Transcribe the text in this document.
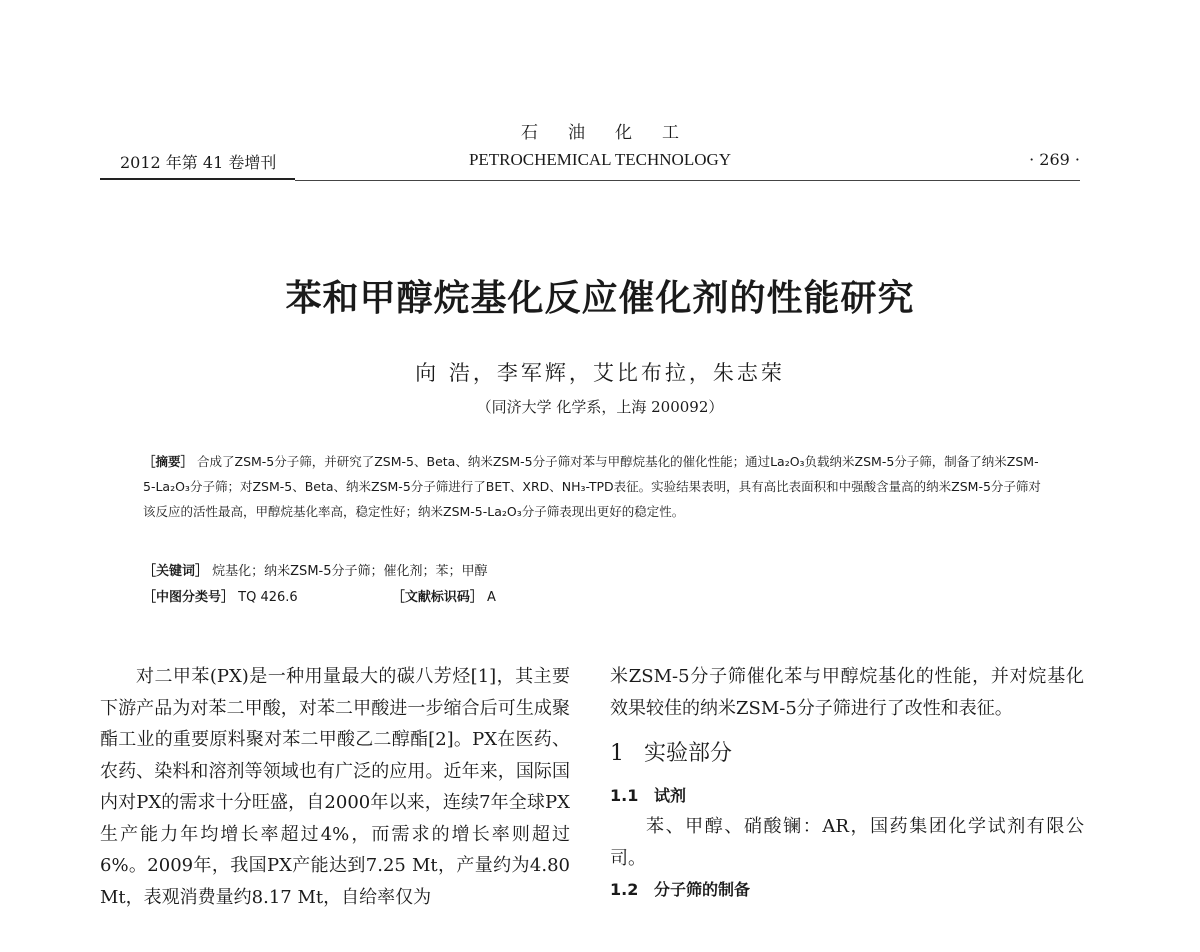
石油化工
2012 年第 41 卷增刊	PETROCHEMICAL TECHNOLOGY	· 269 ·
苯和甲醇烷基化反应催化剂的性能研究
向 浩，李军辉，艾比布拉，朱志荣
（同济大学 化学系，上海 200092）

［摘要］ 合成了ZSM-5分子筛，并研究了ZSM-5、Beta、纳米ZSM-5分子筛对苯与甲醇烷基化的催化性能；通过La₂O₃负载纳米ZSM-5分子筛，制备了纳米ZSM-5-La₂O₃分子筛；对ZSM-5、Beta、纳米ZSM-5分子筛进行了BET、XRD、NH₃-TPD表征。实验结果表明，具有高比表面积和中强酸含量高的纳米ZSM-5分子筛对该反应的活性最高，甲醇烷基化率高，稳定性好；纳米ZSM-5-La₂O₃分子筛表现出更好的稳定性。

［关键词］ 烷基化；纳米ZSM-5分子筛；催化剂；苯；甲醇
［中图分类号］ TQ 426.6	［文献标识码］ A

对二甲苯(PX)是一种用量最大的碳八芳烃[1]，其主要下游产品为对苯二甲酸，对苯二甲酸进一步缩合后可生成聚酯工业的重要原料聚对苯二甲酸乙二醇酯[2]。PX在医药、农药、染料和溶剂等领域也有广泛的应用。近年来，国际国内对PX的需求十分旺盛，自2000年以来，连续7年全球PX生产能力年均增长率超过4%，而需求的增长率则超过6%。2009年，我国PX产能达到7.25 Mt，产量约为4.80 Mt，表观消费量约8.17 Mt，自给率仅为

米ZSM-5分子筛催化苯与甲醇烷基化的性能，并对烷基化效果较佳的纳米ZSM-5分子筛进行了改性和表征。

1 实验部分

1.1 试剂

苯、甲醇、硝酸镧：AR，国药集团化学试剂有限公司。

1.2 分子筛的制备
